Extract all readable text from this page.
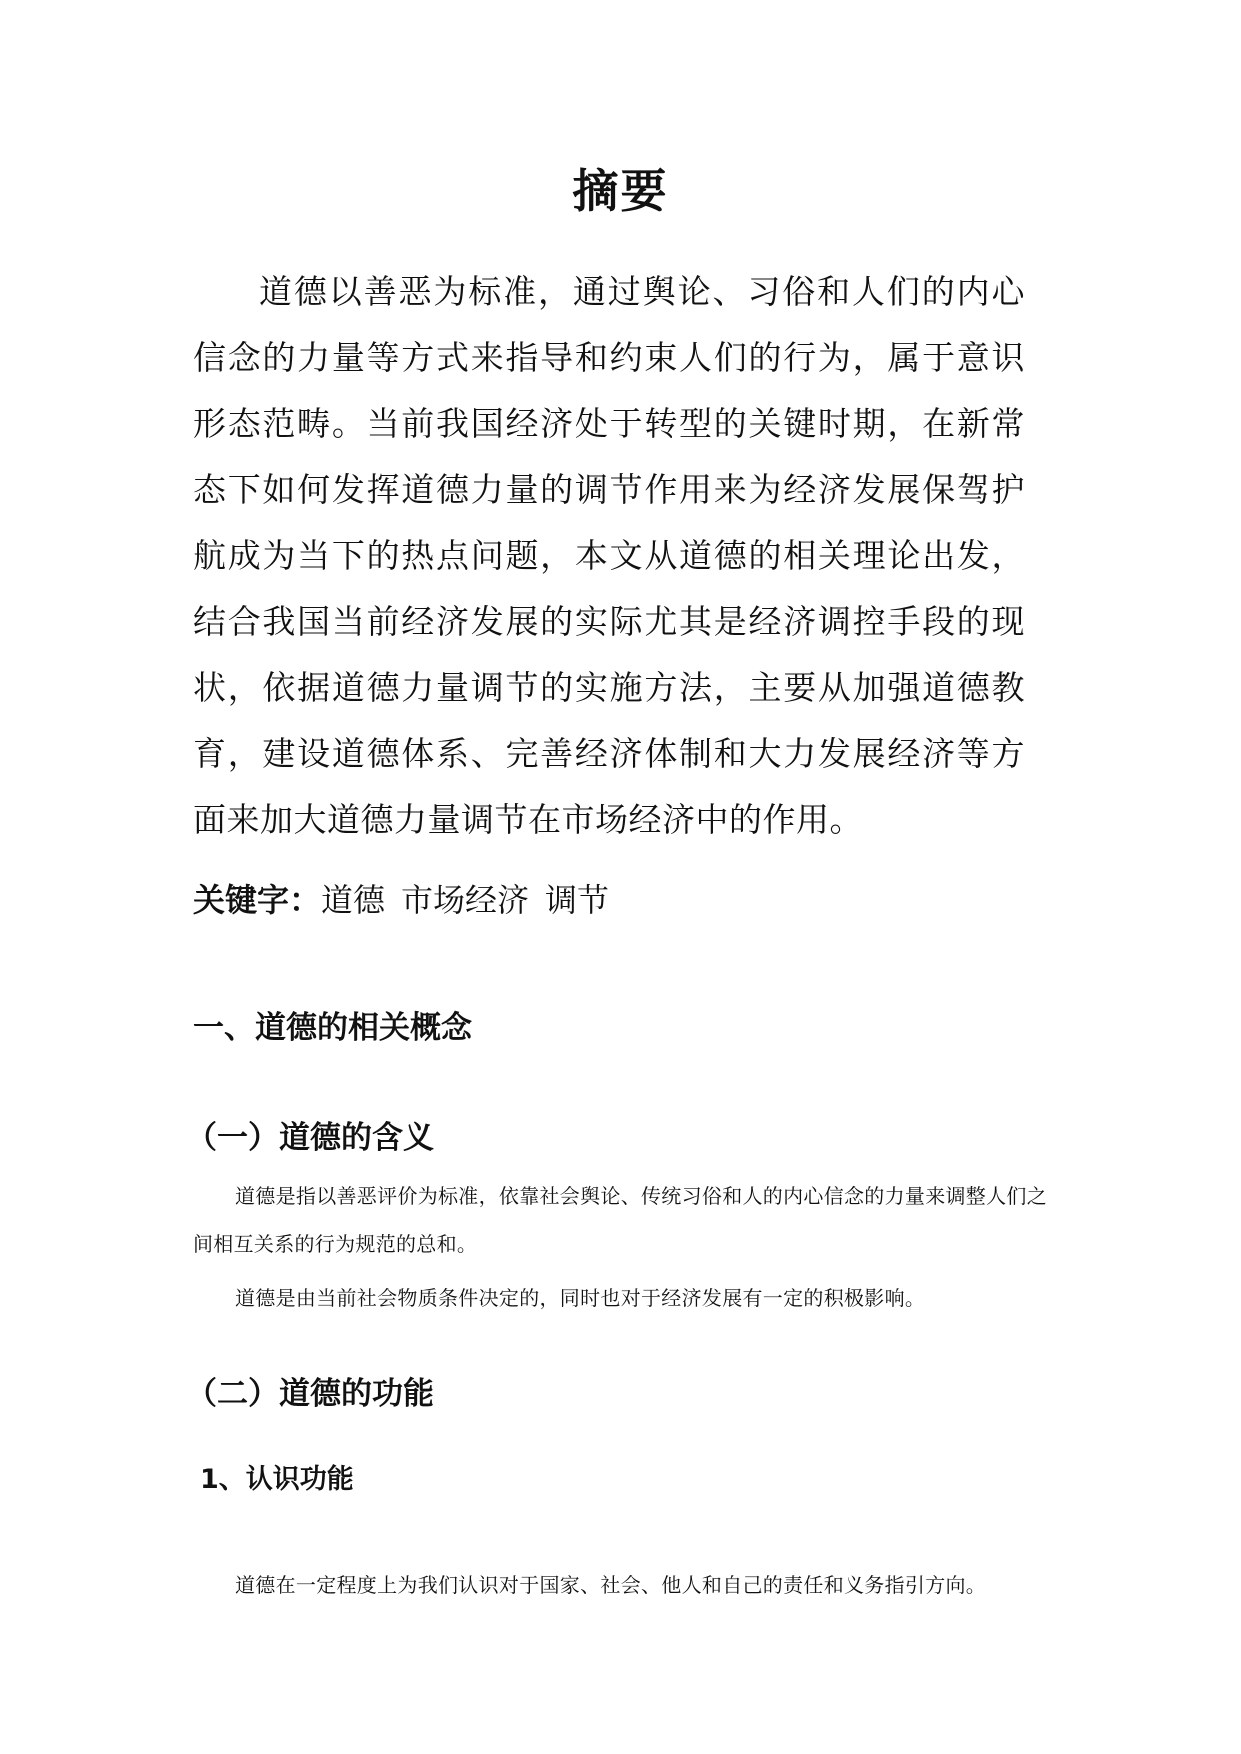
摘要

道德以善恶为标准，通过舆论、习俗和人们的内心信念的力量等方式来指导和约束人们的行为，属于意识形态范畴。当前我国经济处于转型的关键时期，在新常态下如何发挥道德力量的调节作用来为经济发展保驾护航成为当下的热点问题，本文从道德的相关理论出发，结合我国当前经济发展的实际尤其是经济调控手段的现状，依据道德力量调节的实施方法，主要从加强道德教育，建设道德体系、完善经济体制和大力发展经济等方面来加大道德力量调节在市场经济中的作用。

关键字：道德 市场经济 调节
一、道德的相关概念
（一）道德的含义

道德是指以善恶评价为标准，依靠社会舆论、传统习俗和人的内心信念的力量来调整人们之间相互关系的行为规范的总和。

道德是由当前社会物质条件决定的，同时也对于经济发展有一定的积极影响。

（二）道德的功能
1、认识功能

道德在一定程度上为我们认识对于国家、社会、他人和自己的责任和义务指引方向。
